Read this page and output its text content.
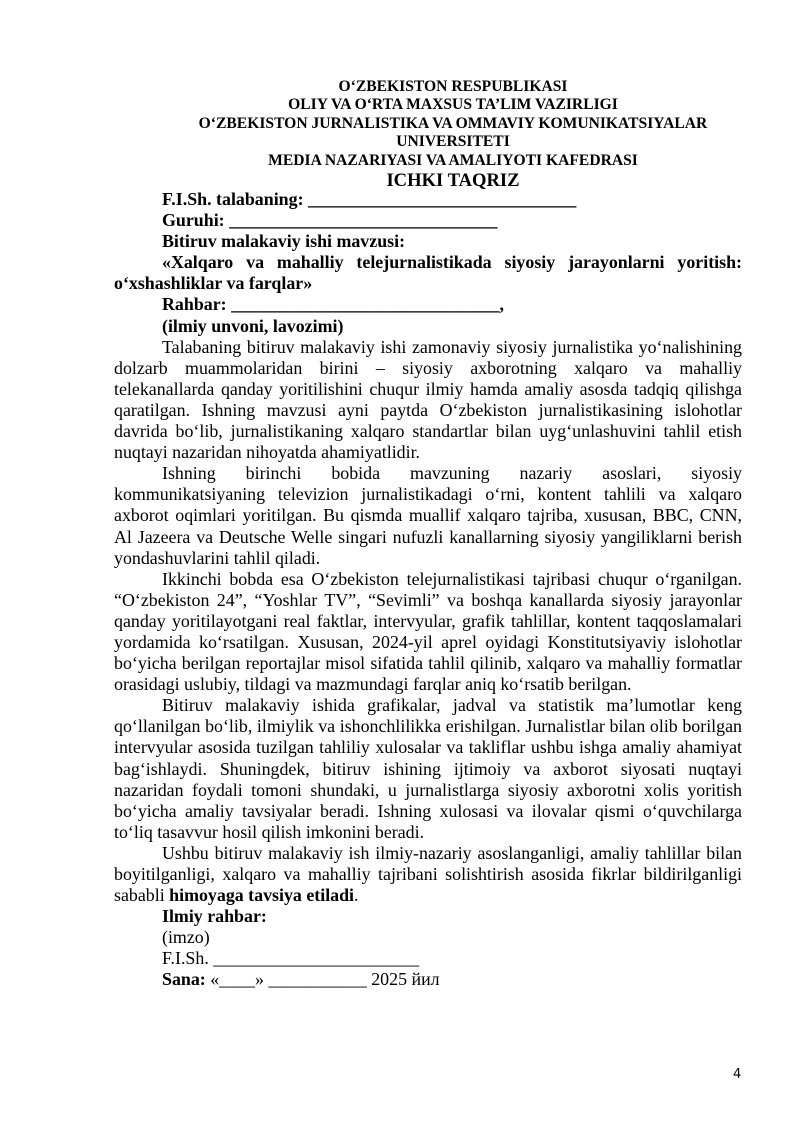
O‘ZBEKISTON RESPUBLIKASI
OLIY VA O‘RTA MAXSUS TA’LIM VAZIRLIGI
O‘ZBEKISTON JURNALISTIKA VA OMMAVIY KOMUNIKATSIYALAR
UNIVERSITETI
MEDIA NAZARIYASI VA AMALIYOTI KAFEDRASI
ICHKI TAQRIZ

F.I.Sh. talabaning: ______________________________

Guruhi: ______________________________

Bitiruv malakaviy ishi mavzusi:

«Xalqaro va mahalliy telejurnalistikada siyosiy jarayonlarni yoritish: o‘xshashliklar va farqlar»

Rahbar: ______________________________,

(ilmiy unvoni, lavozimi)

Talabaning bitiruv malakaviy ishi zamonaviy siyosiy jurnalistika yo‘nalishining dolzarb muammolaridan birini – siyosiy axborotning xalqaro va mahalliy telekanallarda qanday yoritilishini chuqur ilmiy hamda amaliy asosda tadqiq qilishga qaratilgan. Ishning mavzusi ayni paytda O‘zbekiston jurnalistikasining islohotlar davrida bo‘lib, jurnalistikaning xalqaro standartlar bilan uyg‘unlashuvini tahlil etish nuqtayi nazaridan nihoyatda ahamiyatlidir.

Ishning birinchi bobida mavzuning nazariy asoslari, siyosiy kommunikatsiyaning televizion jurnalistikadagi o‘rni, kontent tahlili va xalqaro axborot oqimlari yoritilgan. Bu qismda muallif xalqaro tajriba, xususan, BBC, CNN, Al Jazeera va Deutsche Welle singari nufuzli kanallarning siyosiy yangiliklarni berish yondashuvlarini tahlil qiladi.

Ikkinchi bobda esa O‘zbekiston telejurnalistikasi tajribasi chuqur o‘rganilgan. “O‘zbekiston 24”, “Yoshlar TV”, “Sevimli” va boshqa kanallarda siyosiy jarayonlar qanday yoritilayotgani real faktlar, intervyular, grafik tahlillar, kontent taqqoslamalari yordamida ko‘rsatilgan. Xususan, 2024-yil aprel oyidagi Konstitutsiyaviy islohotlar bo‘yicha berilgan reportajlar misol sifatida tahlil qilinib, xalqaro va mahalliy formatlar orasidagi uslubiy, tildagi va mazmundagi farqlar aniq ko‘rsatib berilgan.

Bitiruv malakaviy ishida grafikalar, jadval va statistik ma’lumotlar keng qo‘llanilgan bo‘lib, ilmiylik va ishonchlilikka erishilgan. Jurnalistlar bilan olib borilgan intervyular asosida tuzilgan tahliliy xulosalar va takliflar ushbu ishga amaliy ahamiyat bag‘ishlaydi. Shuningdek, bitiruv ishining ijtimoiy va axborot siyosati nuqtayi nazaridan foydali tomoni shundaki, u jurnalistlarga siyosiy axborotni xolis yoritish bo‘yicha amaliy tavsiyalar beradi. Ishning xulosasi va ilovalar qismi o‘quvchilarga to‘liq tasavvur hosil qilish imkonini beradi.

Ushbu bitiruv malakaviy ish ilmiy-nazariy asoslanganligi, amaliy tahlillar bilan boyitilganligi, xalqaro va mahalliy tajribani solishtirish asosida fikrlar bildirilganligi sababli himoyaga tavsiya etiladi.

Ilmiy rahbar:

(imzo)

F.I.Sh. _______________________

Sana: «____» ___________ 2025 йил

4
